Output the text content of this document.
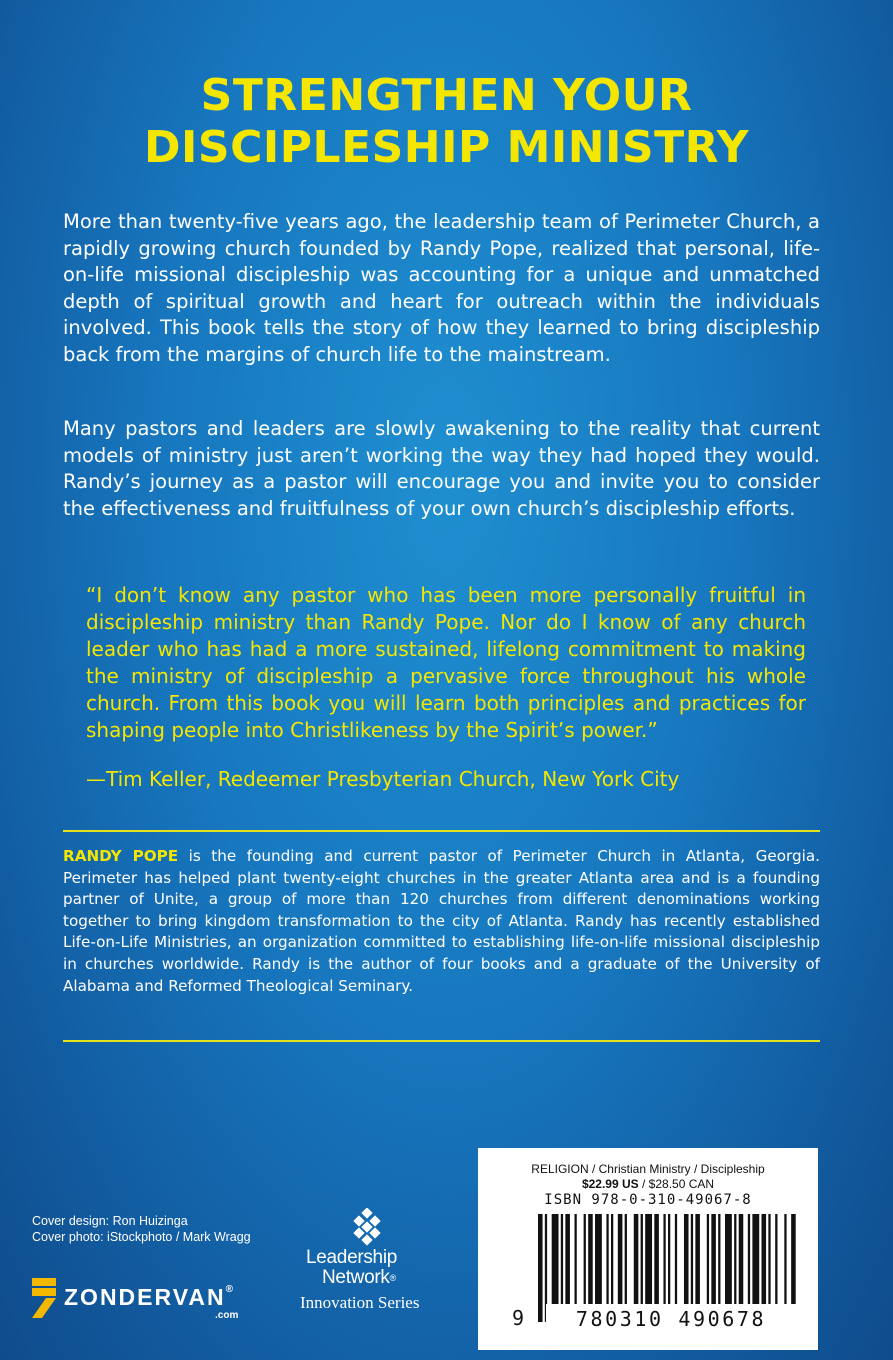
STRENGTHEN YOUR
DISCIPLESHIP MINISTRY
More than twenty-five years ago, the leadership team of Perimeter Church, a rapidly growing church founded by Randy Pope, realized that personal, life-on-life missional discipleship was accounting for a unique and unmatched depth of spiritual growth and heart for outreach within the individuals involved. This book tells the story of how they learned to bring discipleship back from the margins of church life to the mainstream.
Many pastors and leaders are slowly awakening to the reality that current models of ministry just aren’t working the way they had hoped they would. Randy’s journey as a pastor will encourage you and invite you to consider the effectiveness and fruitfulness of your own church’s discipleship efforts.
“I don’t know any pastor who has been more personally fruitful in discipleship ministry than Randy Pope. Nor do I know of any church leader who has had a more sustained, lifelong commitment to making the ministry of discipleship a pervasive force throughout his whole church. From this book you will learn both principles and practices for shaping people into Christlikeness by the Spirit’s power.”
—Tim Keller, Redeemer Presbyterian Church, New York City
RANDY POPE is the founding and current pastor of Perimeter Church in Atlanta, Georgia. Perimeter has helped plant twenty-eight churches in the greater Atlanta area and is a founding partner of Unite, a group of more than 120 churches from different denominations working together to bring kingdom transformation to the city of Atlanta. Randy has recently established Life-on-Life Ministries, an organization committed to establishing life-on-life missional discipleship in churches worldwide. Randy is the author of four books and a graduate of the University of Alabama and Reformed Theological Seminary.
Cover design: Ron Huizinga
Cover photo: iStockphoto / Mark Wragg
ZONDERVAN®
.com
Leadership
Network®
Innovation Series
RELIGION / Christian Ministry / Discipleship
$22.99 US / $28.50 CAN
ISBN 978-0-310-49067-8
9	780310 490678
